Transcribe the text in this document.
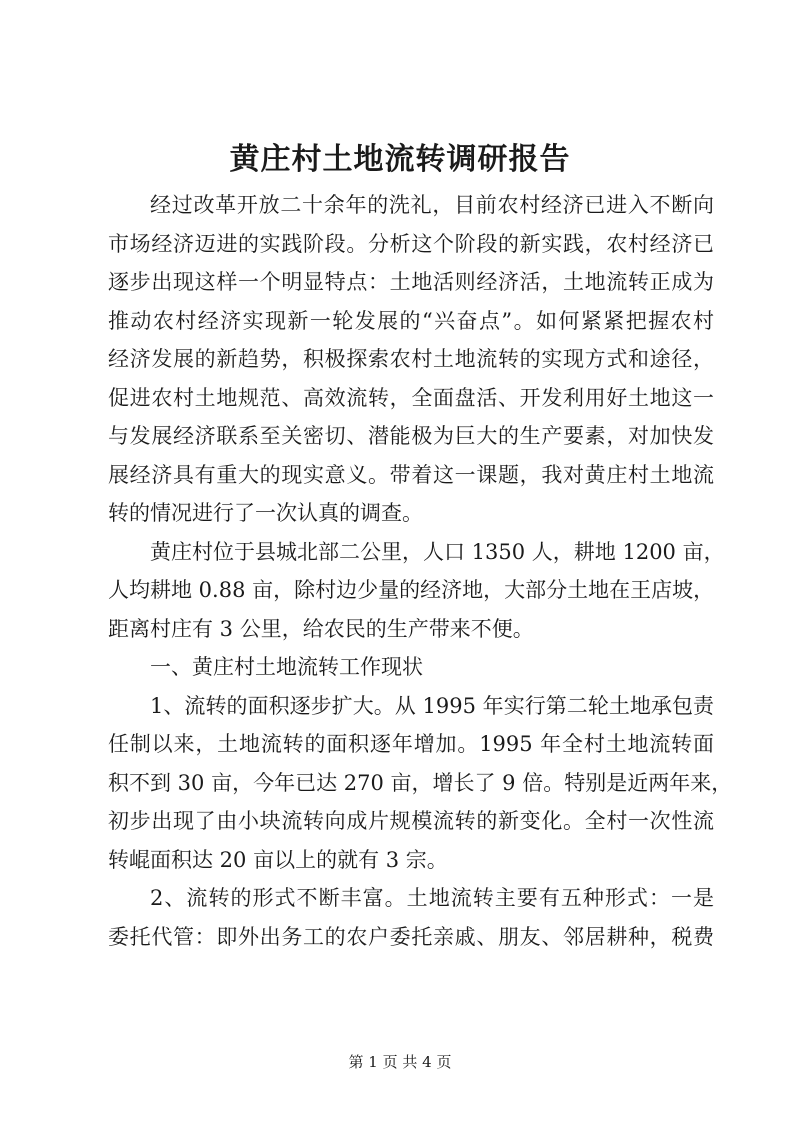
黄庄村土地流转调研报告
经过改革开放二十余年的洗礼，目前农村经济已进入不断向
市场经济迈进的实践阶段。分析这个阶段的新实践，农村经济已
逐步出现这样一个明显特点：土地活则经济活，土地流转正成为
推动农村经济实现新一轮发展的“兴奋点”。如何紧紧把握农村
经济发展的新趋势，积极探索农村土地流转的实现方式和途径，
促进农村土地规范、高效流转，全面盘活、开发利用好土地这一
与发展经济联系至关密切、潜能极为巨大的生产要素，对加快发
展经济具有重大的现实意义。带着这一课题，我对黄庄村土地流
转的情况进行了一次认真的调查。
黄庄村位于县城北部二公里，人口 1350 人，耕地 1200 亩，
人均耕地 0.88 亩，除村边少量的经济地，大部分土地在王店坡，
距离村庄有 3 公里，给农民的生产带来不便。
一、黄庄村土地流转工作现状
1、流转的面积逐步扩大。从 1995 年实行第二轮土地承包责
任制以来，土地流转的面积逐年增加。1995 年全村土地流转面
积不到 30 亩，今年已达 270 亩，增长了 9 倍。特别是近两年来，
初步出现了由小块流转向成片规模流转的新变化。全村一次性流
转崐面积达 20 亩以上的就有 3 宗。
2、流转的形式不断丰富。土地流转主要有五种形式：一是
委托代管：即外出务工的农户委托亲戚、朋友、邻居耕种，税费
第 1 页 共 4 页
